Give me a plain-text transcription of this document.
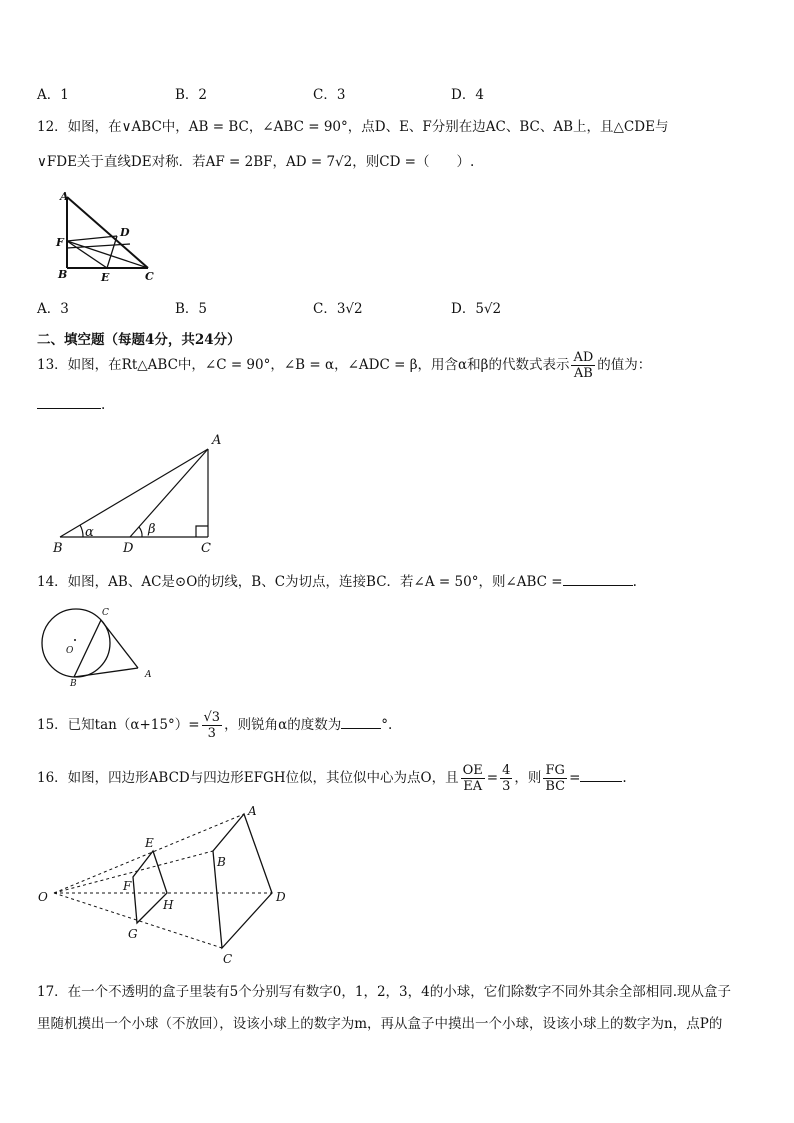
A．1	B．2	C．3	D．4
12．如图，在∨ABC中，AB = BC，∠ABC = 90°，点D、E、F分别在边AC、BC、AB上，且△CDE与
∨FDE关于直线DE对称．若AF = 2BF，AD = 7√2，则CD =（　　）.
A
B	C
D
E
F
A．3	B．5	C．3√2	D．5√2
二、填空题（每题4分，共24分）
13．如图，在Rt△ABC中，∠C = 90°，∠B = α，∠ADC = β，用含α和β的代数式表示 $\frac{AD}{AB}$ 的值为：
.
A
B	C
D
α	β
14．如图，AB、AC是⊙O的切线，B、C为切点，连接BC．若∠A = 50°，则∠ABC =	.
C
B
A
O
15．已知$\tan(\alpha+15^\circ)= \frac{√3}{3}$ ，则锐角α的度数为	°.
16．如图，四边形ABCD与四边形EFGH位似，其位似中心为点O，且 $\frac{OE}{EA} = \frac{4}{3}$ ，则 $\frac{FG}{BC}$ =	.
O
A
B
C
D
E
F
G
H
17．在一个不透明的盒子里装有5个分别写有数字0，1，2，3，4的小球，它们除数字不同外其余全部相同.现从盒子
里随机摸出一个小球（不放回），设该小球上的数字为m，再从盒子中摸出一个小球，设该小球上的数字为n，点P的
